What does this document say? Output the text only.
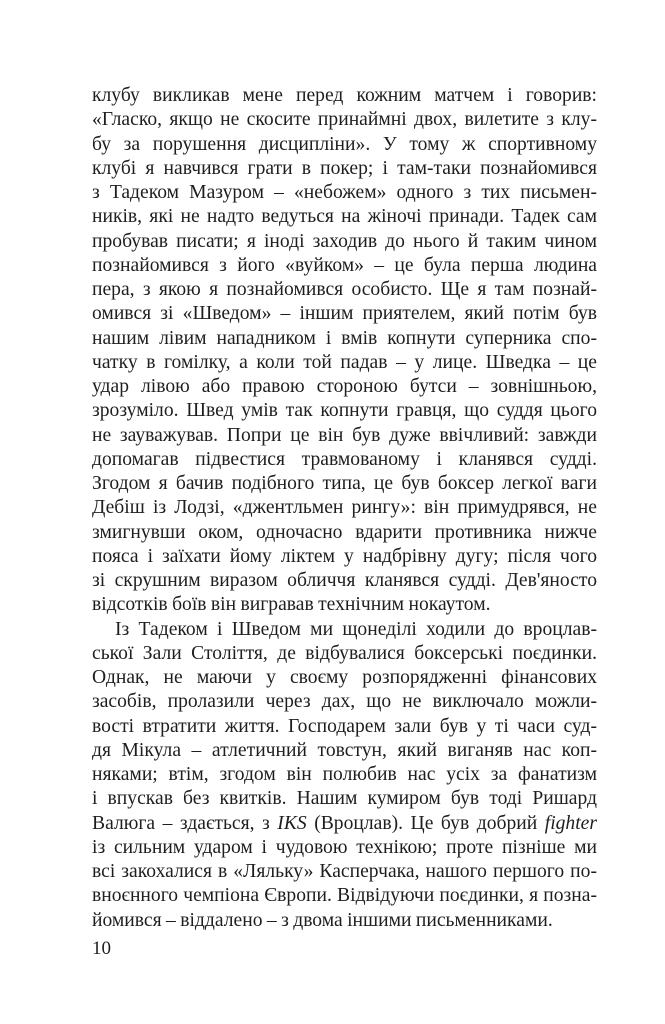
клубу викликав мене перед кожним матчем і говорив:
«Гласко, якщо не скосите принаймні двох, вилетите з клу-
бу за порушення дисципліни». У тому ж спортивному
клубі я навчився грати в покер; і там-таки познайомився
з Тадеком Мазуром – «небожем» одного з тих письмен-
ників, які не надто ведуться на жіночі принади. Тадек сам
пробував писати; я іноді заходив до нього й таким чином
познайомився з його «вуйком» – це була перша людина
пера, з якою я познайомився особисто. Ще я там познай-
омився зі «Шведом» – іншим приятелем, який потім був
нашим лівим нападником і вмів копнути суперника спо-
чатку в гомілку, а коли той падав – у лице. Шведка – це
удар лівою або правою стороною бутси – зовнішньою,
зрозуміло. Швед умів так копнути гравця, що суддя цього
не зауважував. Попри це він був дуже ввічливий: завжди
допомагав підвестися травмованому і кланявся судді.
Згодом я бачив подібного типа, це був боксер легкої ваги
Дебіш із Лодзі, «джентльмен рингу»: він примудрявся, не
змигнувши оком, одночасно вдарити противника нижче
пояса і заїхати йому ліктем у надбрівну дугу; після чого
зі скрушним виразом обличчя кланявся судді. Дев'яносто
відсотків боїв він вигравав технічним нокаутом.
Із Тадеком і Шведом ми щонеділі ходили до вроцлав-
ської Зали Століття, де відбувалися боксерські поєдинки.
Однак, не маючи у своєму розпорядженні фінансових
засобів, пролазили через дах, що не виключало можли-
вості втратити життя. Господарем зали був у ті часи суд-
дя Мікула – атлетичний товстун, який виганяв нас коп-
няками; втім, згодом він полюбив нас усіх за фанатизм
і впускав без квитків. Нашим кумиром був тоді Ришард
Валюга – здається, з IKS (Вроцлав). Це був добрий fighter
із сильним ударом і чудовою технікою; проте пізніше ми
всі закохалися в «Ляльку» Касперчака, нашого першого по-
вноєнного чемпіона Європи. Відвідуючи поєдинки, я позна-
йомився – віддалено – з двома іншими письменниками.
10
